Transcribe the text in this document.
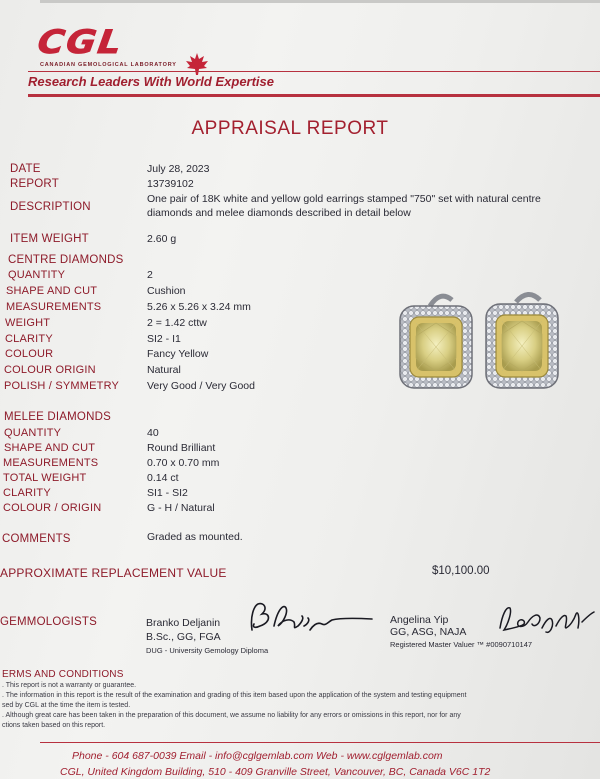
CGL
CANADIAN GEMOLOGICAL LABORATORY
Research Leaders With World Expertise
APPRAISAL REPORT
DATE	July 28, 2023
REPORT	13739102
DESCRIPTION
One pair of 18K white and yellow gold earrings stamped "750" set with natural centre
diamonds and melee diamonds described in detail below
ITEM WEIGHT	2.60 g
CENTRE DIAMONDS
QUANTITY	2
SHAPE AND CUT	Cushion
MEASUREMENTS	5.26 x 5.26 x 3.24 mm
WEIGHT	2 = 1.42 cttw
CLARITY	SI2 - I1
COLOUR	Fancy Yellow
COLOUR ORIGIN	Natural
POLISH / SYMMETRY	Very Good / Very Good
MELEE DIAMONDS
QUANTITY	40
SHAPE AND CUT	Round Brilliant
MEASUREMENTS	0.70 x 0.70 mm
TOTAL WEIGHT	0.14 ct
CLARITY	SI1 - SI2
COLOUR / ORIGIN	G - H / Natural
COMMENTS	Graded as mounted.
APPROXIMATE REPLACEMENT VALUE	$10,100.00
GEMMOLOGISTS	Branko Deljanin
B.Sc., GG, FGA
DUG - University Gemology Diploma
Angelina Yip
GG, ASG, NAJA
Registered Master Valuer ™ #0090710147
ERMS AND CONDITIONS
. This report is not a warranty or guarantee.
. The information in this report is the result of the examination and grading of this item based upon the application of the system and testing equipment
sed by CGL at the time the item is tested.
. Although great care has been taken in the preparation of this document, we assume no liability for any errors or omissions in this report, nor for any
ctions taken based on this report.
Phone - 604 687-0039 Email - info@cglgemlab.com Web - www.cglgemlab.com
CGL, United Kingdom Building, 510 - 409 Granville Street, Vancouver, BC, Canada V6C 1T2
